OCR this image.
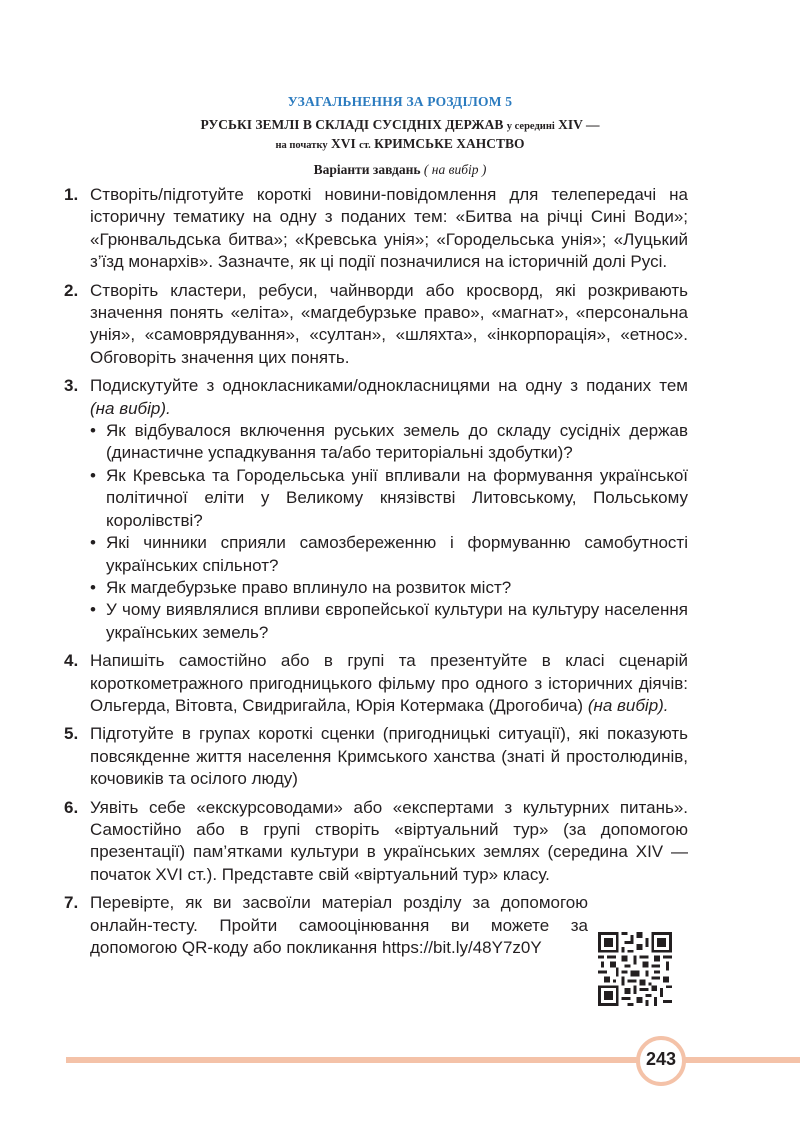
УЗАГАЛЬНЕННЯ ЗА РОЗДІЛОМ 5
РУСЬКІ ЗЕМЛІ В СКЛАДІ СУСІДНІХ ДЕРЖАВ у середині XIV —
на початку XVI ст. КРИМСЬКЕ ХАНСТВО
Варіанти завдань ( на вибір )
1. Створіть/підготуйте короткі новини-повідомлення для телепередачі на історичну тематику на одну з поданих тем: «Битва на річці Сині Води»; «Грюнвальдська битва»; «Кревська унія»; «Городельська унія»; «Луцький з’їзд монархів». Зазначте, як ці події позначилися на історичній долі Русі.
2. Створіть кластери, ребуси, чайнворди або кросворд, які розкривають значення понять «еліта», «магдебурзьке право», «магнат», «персональна унія», «самоврядування», «султан», «шляхта», «інкорпорація», «етнос». Обговоріть значення цих понять.
3. Подискутуйте з однокласниками/однокласницями на одну з поданих тем (на вибір).
• Як відбувалося включення руських земель до складу сусідніх держав (династичне успадкування та/або територіальні здобутки)?
• Як Кревська та Городельська унії впливали на формування української політичної еліти у Великому князівстві Литовському, Польському королівстві?
• Які чинники сприяли самозбереженню і формуванню самобутності українських спільнот?
• Як магдебурзьке право вплинуло на розвиток міст?
• У чому виявлялися впливи європейської культури на культуру населення українських земель?
4. Напишіть самостійно або в групі та презентуйте в класі сценарій короткометражного пригодницького фільму про одного з історичних діячів: Ольгерда, Вітовта, Свидригайла, Юрія Котермака (Дрогобича) (на вибір).
5. Підготуйте в групах короткі сценки (пригодницькі ситуації), які показують повсякденне життя населення Кримського ханства (знаті й простолюдинів, кочовиків та осілого люду)
6. Уявіть себе «екскурсоводами» або «експертами з культурних питань». Самостійно або в групі створіть «віртуальний тур» (за допомогою презентації) пам’ятками культури в українських землях (середина XIV — початок XVI ст.). Представте свій «віртуальний тур» класу.
7. Перевірте, як ви засвоїли матеріал розділу за допомогою онлайн-тесту. Пройти самооцінювання ви можете за допомогою QR-коду або покликання https://bit.ly/48Y7z0Y
243
